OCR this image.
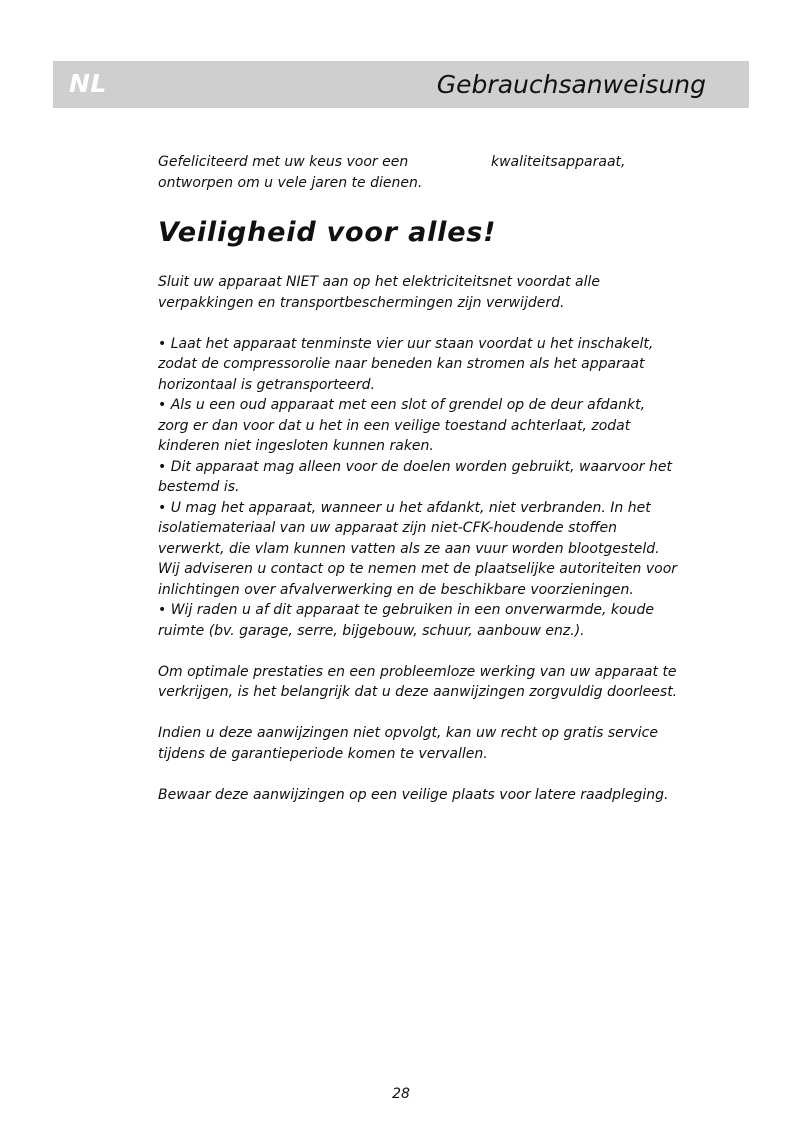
NL	Gebrauchsanweisung
Gefeliciteerd met uw keus voor een ontworpen om u vele jaren te dienen.
kwaliteitsapparaat,
Veiligheid voor alles!

Sluit uw apparaat NIET aan op het elektriciteitsnet voordat alle verpakkingen en transportbeschermingen zijn verwijderd.

• Laat het apparaat tenminste vier uur staan voordat u het inschakelt, zodat de compressorolie naar beneden kan stromen als het apparaat horizontaal is getransporteerd.

• Als u een oud apparaat met een slot of grendel op de deur afdankt, zorg er dan voor dat u het in een veilige toestand achterlaat, zodat kinderen niet ingesloten kunnen raken.

• Dit apparaat mag alleen voor de doelen worden gebruikt, waarvoor het bestemd is.

• U mag het apparaat, wanneer u het afdankt, niet verbranden. In het isolatiemateriaal van uw apparaat zijn niet-CFK-houdende stoffen verwerkt, die vlam kunnen vatten als ze aan vuur worden blootgesteld. Wij adviseren u contact op te nemen met de plaatselijke autoriteiten voor inlichtingen over afvalverwerking en de beschikbare voorzieningen.

• Wij raden u af dit apparaat te gebruiken in een onverwarmde, koude ruimte (bv. garage, serre, bijgebouw, schuur, aanbouw enz.).

Om optimale prestaties en een probleemloze werking van uw apparaat te verkrijgen, is het belangrijk dat u deze aanwijzingen zorgvuldig doorleest.

Indien u deze aanwijzingen niet opvolgt, kan uw recht op gratis service tijdens de garantieperiode komen te vervallen.

Bewaar deze aanwijzingen op een veilige plaats voor latere raadpleging.

28
